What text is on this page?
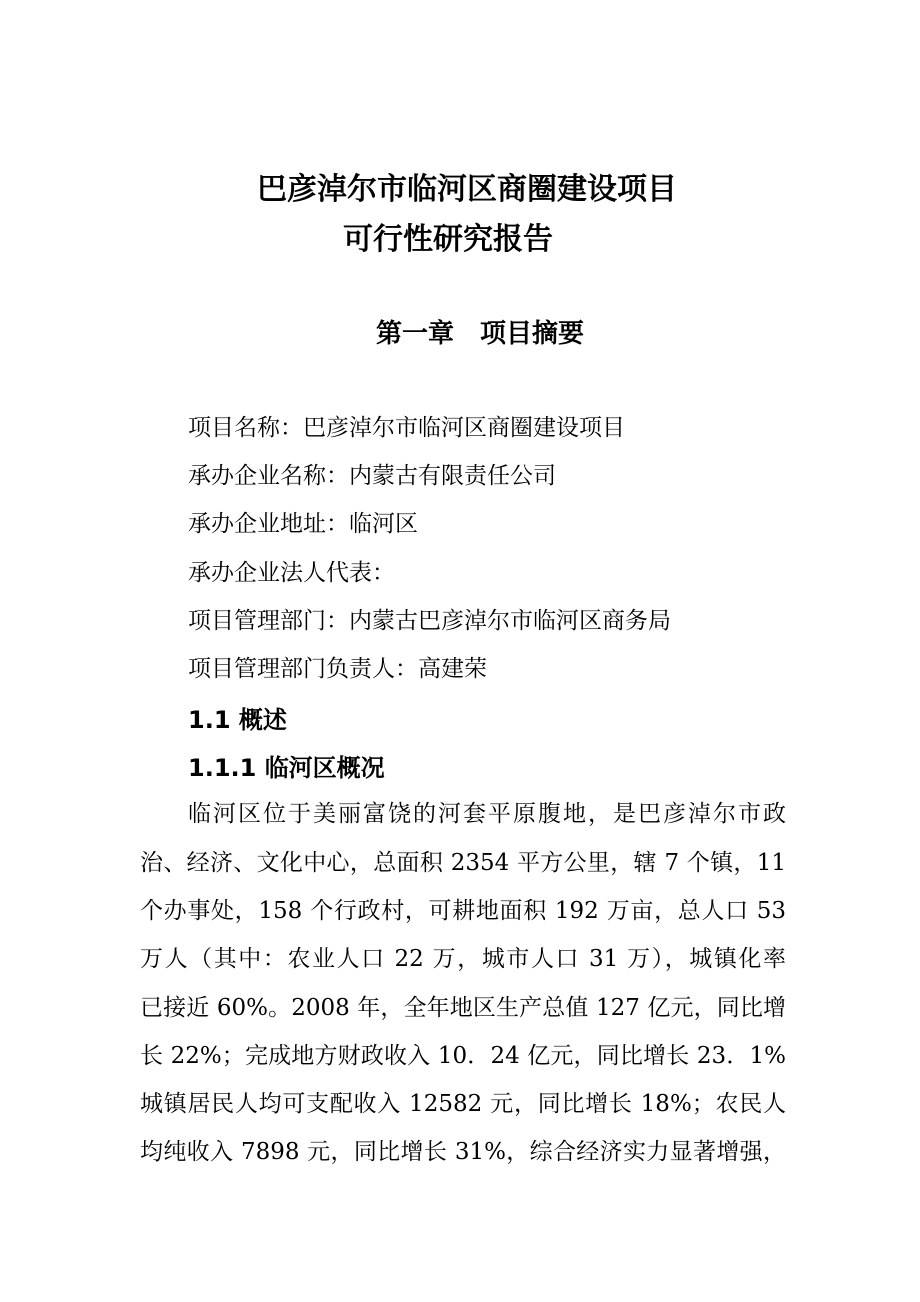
巴彦淖尔市临河区商圈建设项目
可行性研究报告
第一章　项目摘要
项目名称：巴彦淖尔市临河区商圈建设项目
承办企业名称：内蒙古有限责任公司
承办企业地址：临河区
承办企业法人代表：
项目管理部门：内蒙古巴彦淖尔市临河区商务局
项目管理部门负责人：高建荣
1.1 概述
1.1.1 临河区概况
临河区位于美丽富饶的河套平原腹地，是巴彦淖尔市政
治、经济、文化中心，总面积 2354 平方公里，辖 7 个镇，11
个办事处，158 个行政村，可耕地面积 192 万亩，总人口 53
万人（其中：农业人口 22 万，城市人口 31 万），城镇化率
已接近 60%。2008 年，全年地区生产总值 127 亿元，同比增
长 22%；完成地方财政收入 10．24 亿元，同比增长 23．1%
城镇居民人均可支配收入 12582 元，同比增长 18%；农民人
均纯收入 7898 元，同比增长 31%，综合经济实力显著增强，
